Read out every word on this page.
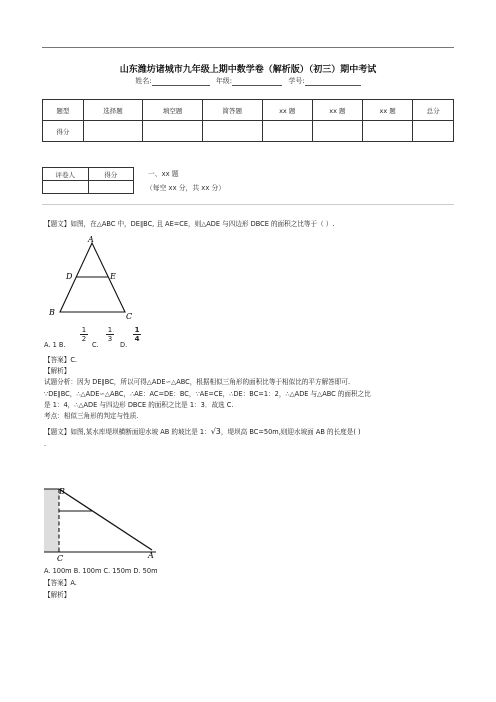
山东潍坊诸城市九年级上期中数学卷（解析版）（初三）期中考试
姓名:	年级:	学号:
题型	选择题	填空题	简答题	xx 题	xx 题	xx 题	总分
得分							
评卷人	得分
		一、xx 题
（每空 xx 分，共 xx 分）
【题文】如图，在△ABC 中，DE∥BC, 且 AE=CE，则△ADE 与四边形 DBCE 的面积之比等于（ ）.
A
D	E
B	C
A. 1 B.
$\frac{1}{2}$
C.
$\frac{1}{3}$
D.
$\frac{1}{4}$
【答案】C.
【解析】
试题分析：因为 DE∥BC，所以可得△ADE∽△ABC，根据相似三角形的面积比等于相似比的平方解答即可.
∵DE∥BC，∴△ADE∽△ABC，∴AE：AC=DE：BC，∵AE=CE，∴DE：BC=1：2，∴△ADE 与△ABC 的面积之比
是 1：4，∴△ADE 与四边形 DBCE 的面积之比是 1：3．故选 C.
考点：相似三角形的判定与性质.
【题文】如图,某水库堤坝横断面迎水坡 AB 的坡比是 1：√3，堤坝高 BC=50m,则迎水坡面 AB 的长度是( )
.
B
C	A
A. 100m B. 100m C. 150m D. 50m
【答案】A.
【解析】
